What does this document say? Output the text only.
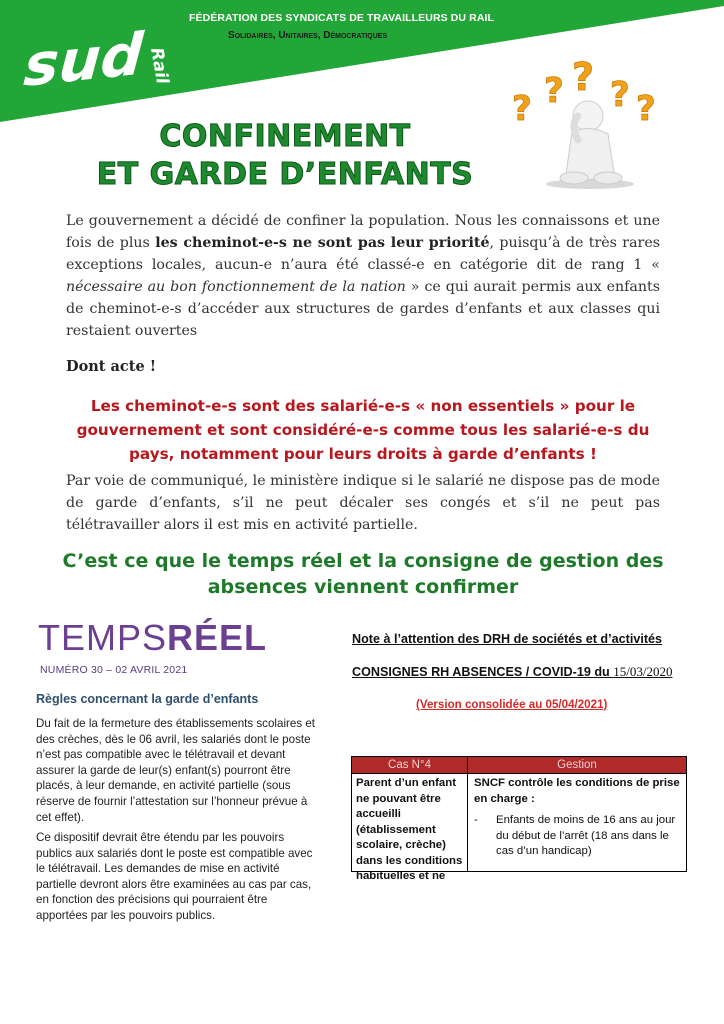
FÉDÉRATION DES SYNDICATS DE TRAVAILLEURS DU RAIL
Solidaires, Unitaires, Démocratiques
sud Rail
? ? ? ? ?
CONFINEMENT
ET GARDE D’ENFANTS
Le gouvernement a décidé de confiner la population. Nous les connaissons et une fois de plus les cheminot-e-s ne sont pas leur priorité, puisqu’à de très rares exceptions locales, aucun-e n’aura été classé-e en catégorie dit de rang 1 « nécessaire au bon fonctionnement de la nation » ce qui aurait permis aux enfants de cheminot-e-s d’accéder aux structures de gardes d’enfants et aux classes qui restaient ouvertes
Dont acte !
Les cheminot-e-s sont des salarié-e-s « non essentiels » pour le gouvernement et sont considéré-e-s comme tous les salarié-e-s du pays, notamment pour leurs droits à garde d’enfants !
Par voie de communiqué, le ministère indique si le salarié ne dispose pas de mode de garde d’enfants, s’il ne peut décaler ses congés et s’il ne peut pas télétravailler alors il est mis en activité partielle.
C’est ce que le temps réel et la consigne de gestion des absences viennent confirmer
TEMPSRÉEL
NUMÉRO 30 – 02 AVRIL 2021
Règles concernant la garde d’enfants
Du fait de la fermeture des établissements scolaires et des crèches, dès le 06 avril, les salariés dont le poste n’est pas compatible avec le télétravail et devant assurer la garde de leur(s) enfant(s) pourront être placés, à leur demande, en activité partielle (sous réserve de fournir l’attestation sur l’honneur prévue à cet effet).
Ce dispositif devrait être étendu par les pouvoirs publics aux salariés dont le poste est compatible avec le télétravail. Les demandes de mise en activité partielle devront alors être examinées au cas par cas, en fonction des précisions qui pourraient être apportées par les pouvoirs publics.
Note à l’attention des DRH de sociétés et d’activités
CONSIGNES RH ABSENCES / COVID-19 du 15/03/2020
(Version consolidée au 05/04/2021)
Cas N°4	Gestion
Parent d’un enfant ne pouvant être accueilli (établissement scolaire, crèche) dans les conditions habituelles et ne
SNCF contrôle les conditions de prise en charge :
-	Enfants de moins de 16 ans au jour du début de l’arrêt (18 ans dans le cas d’un handicap)
